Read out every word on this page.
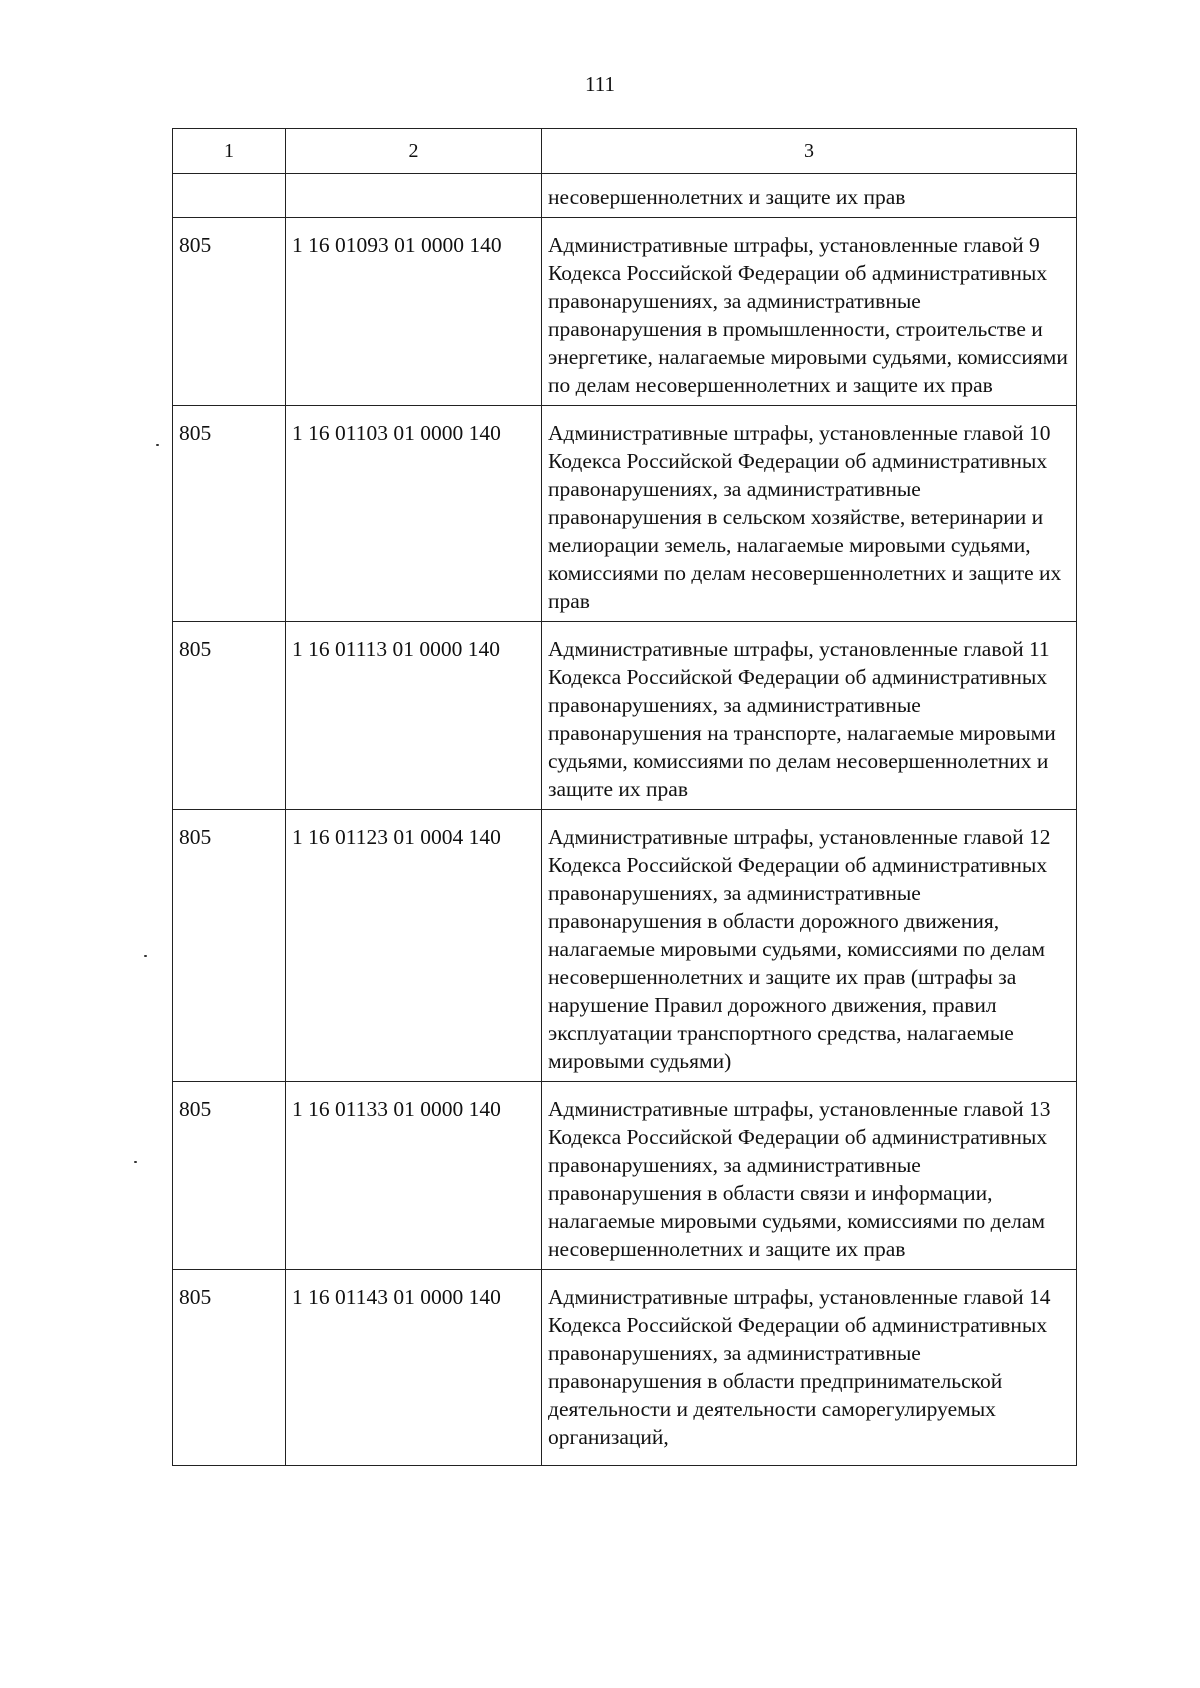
111
1	2	3
		несовершеннолетних и защите их прав
805	1 16 01093 01 0000 140	Административные штрафы, установленные главой 9 Кодекса Российской Федерации об административных правонарушениях, за административные правонарушения в промышленности, строительстве и энергетике, налагаемые мировыми судьями, комиссиями по делам несовершеннолетних и защите их прав
805	1 16 01103 01 0000 140	Административные штрафы, установленные главой 10 Кодекса Российской Федерации об административных правонарушениях, за административные правонарушения в сельском хозяйстве, ветеринарии и мелиорации земель, налагаемые мировыми судьями, комиссиями по делам несовершеннолетних и защите их прав
805	1 16 01113 01 0000 140	Административные штрафы, установленные главой 11 Кодекса Российской Федерации об административных правонарушениях, за административные правонарушения на транспорте, налагаемые мировыми судьями, комиссиями по делам несовершеннолетних и защите их прав
805	1 16 01123 01 0004 140	Административные штрафы, установленные главой 12 Кодекса Российской Федерации об административных правонарушениях, за административные правонарушения в области дорожного движения, налагаемые мировыми судьями, комиссиями по делам несовершеннолетних и защите их прав (штрафы за нарушение Правил дорожного движения, правил эксплуатации транспортного средства, налагаемые мировыми судьями)
805	1 16 01133 01 0000 140	Административные штрафы, установленные главой 13 Кодекса Российской Федерации об административных правонарушениях, за административные правонарушения в области связи и информации, налагаемые мировыми судьями, комиссиями по делам несовершеннолетних и защите их прав
805	1 16 01143 01 0000 140	Административные штрафы, установленные главой 14 Кодекса Российской Федерации об административных правонарушениях, за административные правонарушения в области предпринимательской деятельности и деятельности саморегулируемых организаций,
